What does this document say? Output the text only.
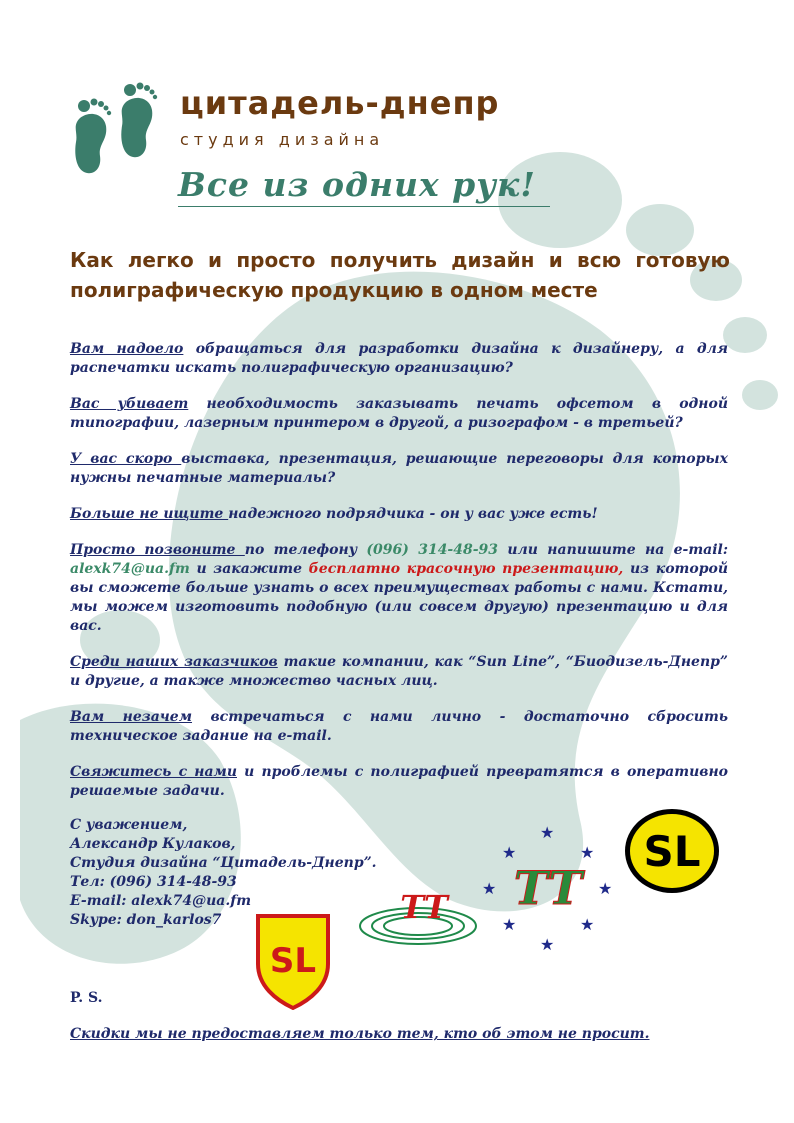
цитадель-днепр
студия дизайна
Все из одних рук!
Как легко и просто получить дизайн и всю готовую
полиграфическую продукцию в одном месте

Вам надоело обращаться для разработки дизайна к дизайнеру, а для распечатки искать полиграфическую организацию?

Вас убивает необходимость заказывать печать офсетом в одной типографии, лазерным принтером в другой, а ризографом - в третьей?

У вас скоро выставка, презентация, решающие переговоры для которых нужны печатные материалы?

Больше не ищите надежного подрядчика - он у вас уже есть!

Просто позвоните по телефону (096) 314-48-93 или напишите на e-mail: alexk74@ua.fm и закажите бесплатно красочную презентацию, из которой вы сможете больше узнать о всех преимуществах работы с нами. Кстати, мы можем изготовить подобную (или совсем другую) презентацию и для вас.

Среди наших заказчиков такие компании, как “Sun Line”, “Биодизель-Днепр” и другие, а также множество часных лиц.

Вам незачем встречаться с нами лично - достаточно сбросить техническое задание на e-mail.

Свяжитесь с нами и проблемы с полиграфией превратятся в оперативно решаемые задачи.

С уважением,
Александр Кулаков,
Студия дизайна “Цитадель-Днепр”.
Тел: (096) 314-48-93
E-mail: alexk74@ua.fm
Skype: don_karlos7
SL
★
★	★
★	★
★	★
★
ТТ
ТТ
SL
P. S.
Скидки мы не предоставляем только тем, кто об этом не просит.
